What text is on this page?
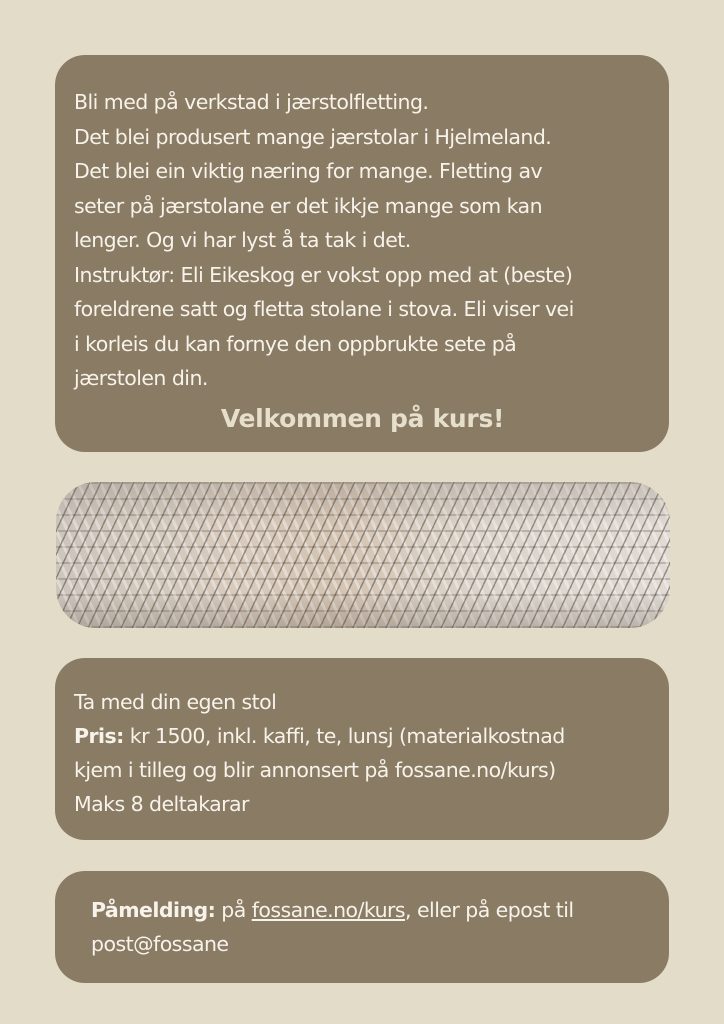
Bli med på verkstad i jærstolfletting.

Det blei produsert mange jærstolar i Hjelmeland.

Det blei ein viktig næring for mange. Fletting av

seter på jærstolane er det ikkje mange som kan

lenger. Og vi har lyst å ta tak i det.

Instruktør: Eli Eikeskog er vokst opp med at (beste)

foreldrene satt og fletta stolane i stova. Eli viser vei

i korleis du kan fornye den oppbrukte sete på

jærstolen din.

Velkommen på kurs!

Ta med din egen stol

Pris: kr 1500, inkl. kaffi, te, lunsj (materialkostnad

kjem i tilleg og blir annonsert på fossane.no/kurs)

Maks 8 deltakarar

Påmelding: på fossane.no/kurs, eller på epost til

post@fossane
